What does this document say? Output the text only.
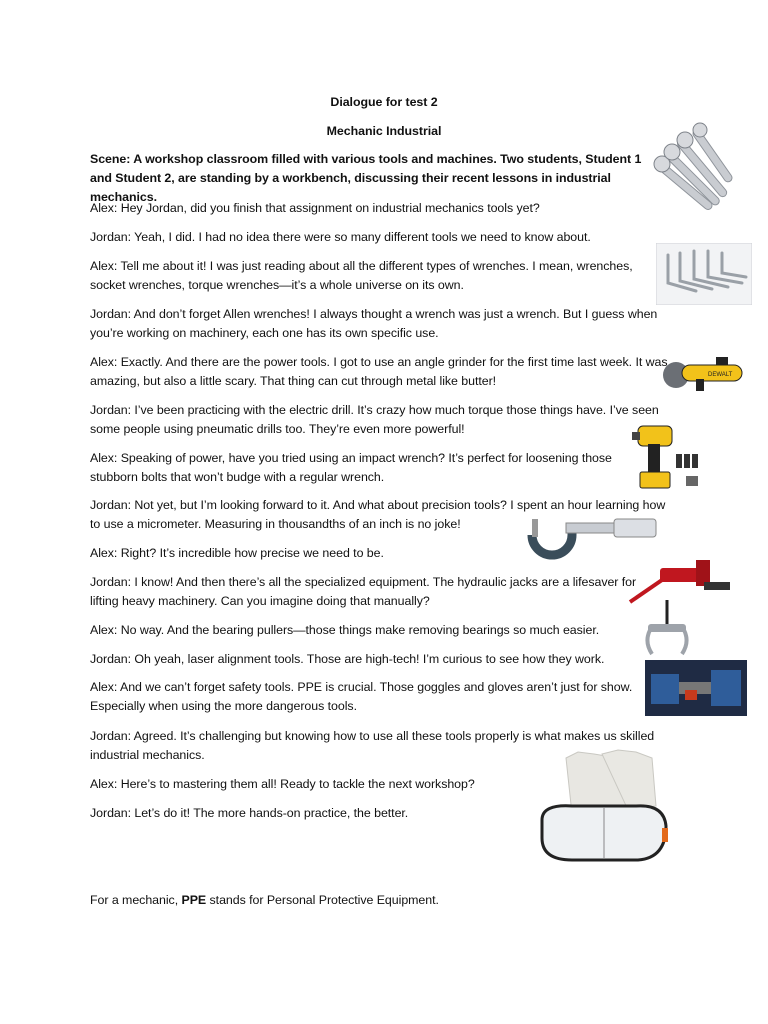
Dialogue for test 2
Mechanic Industrial
Scene: A workshop classroom filled with various tools and machines. Two students, Student 1 and Student 2, are standing by a workbench, discussing their recent lessons in industrial mechanics.
Alex: Hey Jordan, did you finish that assignment on industrial mechanics tools yet?
Jordan: Yeah, I did. I had no idea there were so many different tools we need to know about.
Alex: Tell me about it! I was just reading about all the different types of wrenches. I mean, wrenches, socket wrenches, torque wrenches—it’s a whole universe on its own.
Jordan: And don’t forget Allen wrenches! I always thought a wrench was just a wrench. But I guess when you’re working on machinery, each one has its own specific use.
Alex: Exactly. And there are the power tools. I got to use an angle grinder for the first time last week. It was amazing, but also a little scary. That thing can cut through metal like butter!
Jordan: I’ve been practicing with the electric drill. It’s crazy how much torque those things have. I’ve seen some people using pneumatic drills too. They’re even more powerful!
Alex: Speaking of power, have you tried using an impact wrench? It’s perfect for loosening those stubborn bolts that won’t budge with a regular wrench.
Jordan: Not yet, but I’m looking forward to it. And what about precision tools? I spent an hour learning how to use a micrometer. Measuring in thousandths of an inch is no joke!
Alex: Right? It’s incredible how precise we need to be.
Jordan: I know! And then there’s all the specialized equipment. The hydraulic jacks are a lifesaver for lifting heavy machinery. Can you imagine doing that manually?
Alex: No way. And the bearing pullers—those things make removing bearings so much easier.
Jordan: Oh yeah, laser alignment tools. Those are high-tech! I’m curious to see how they work.
Alex: And we can’t forget safety tools. PPE is crucial. Those goggles and gloves aren’t just for show. Especially when using the more dangerous tools.
Jordan: Agreed. It’s challenging but knowing how to use all these tools properly is what makes us skilled industrial mechanics.
Alex: Here’s to mastering them all! Ready to tackle the next workshop?
Jordan: Let’s do it! The more hands-on practice, the better.
For a mechanic, PPE stands for Personal Protective Equipment.
DEWALT
